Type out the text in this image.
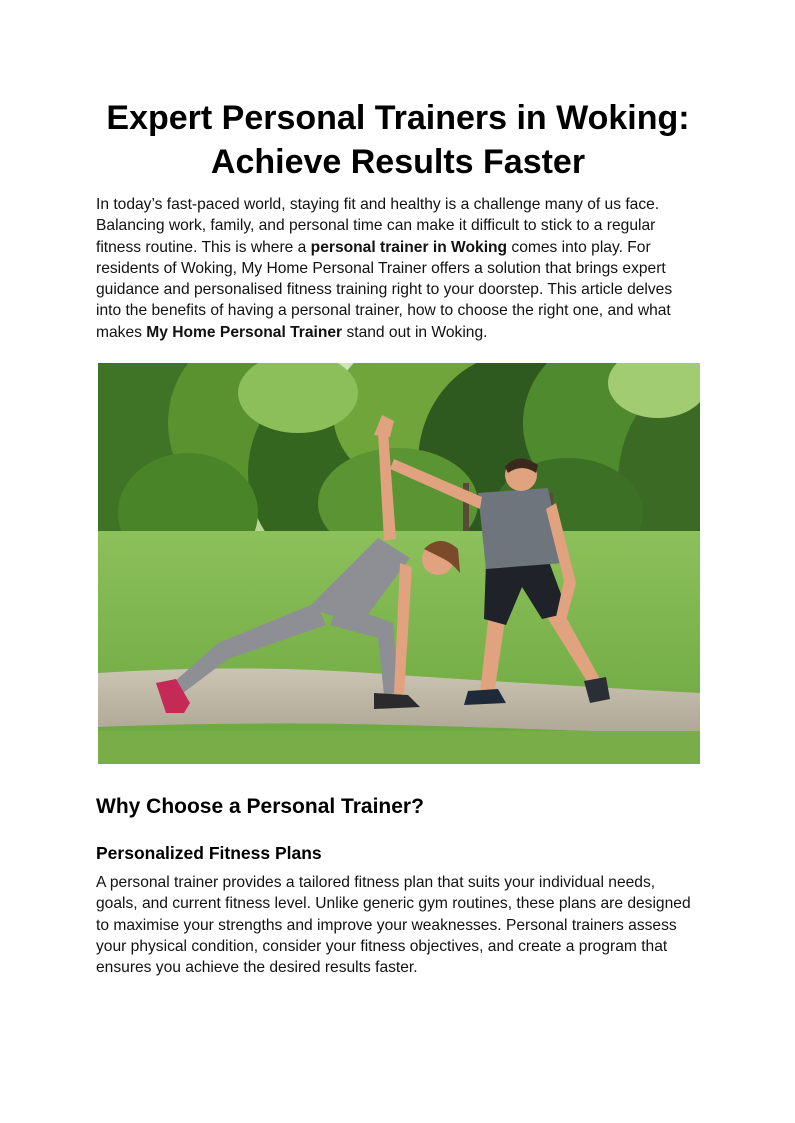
Expert Personal Trainers in Woking:
Achieve Results Faster

In today’s fast-paced world, staying fit and healthy is a challenge many of us face. Balancing work, family, and personal time can make it difficult to stick to a regular fitness routine. This is where a personal trainer in Woking comes into play. For residents of Woking, My Home Personal Trainer offers a solution that brings expert guidance and personalised fitness training right to your doorstep. This article delves into the benefits of having a personal trainer, how to choose the right one, and what makes My Home Personal Trainer stand out in Woking.

Why Choose a Personal Trainer?
Personalized Fitness Plans

A personal trainer provides a tailored fitness plan that suits your individual needs, goals, and current fitness level. Unlike generic gym routines, these plans are designed to maximise your strengths and improve your weaknesses. Personal trainers assess your physical condition, consider your fitness objectives, and create a program that ensures you achieve the desired results faster.
